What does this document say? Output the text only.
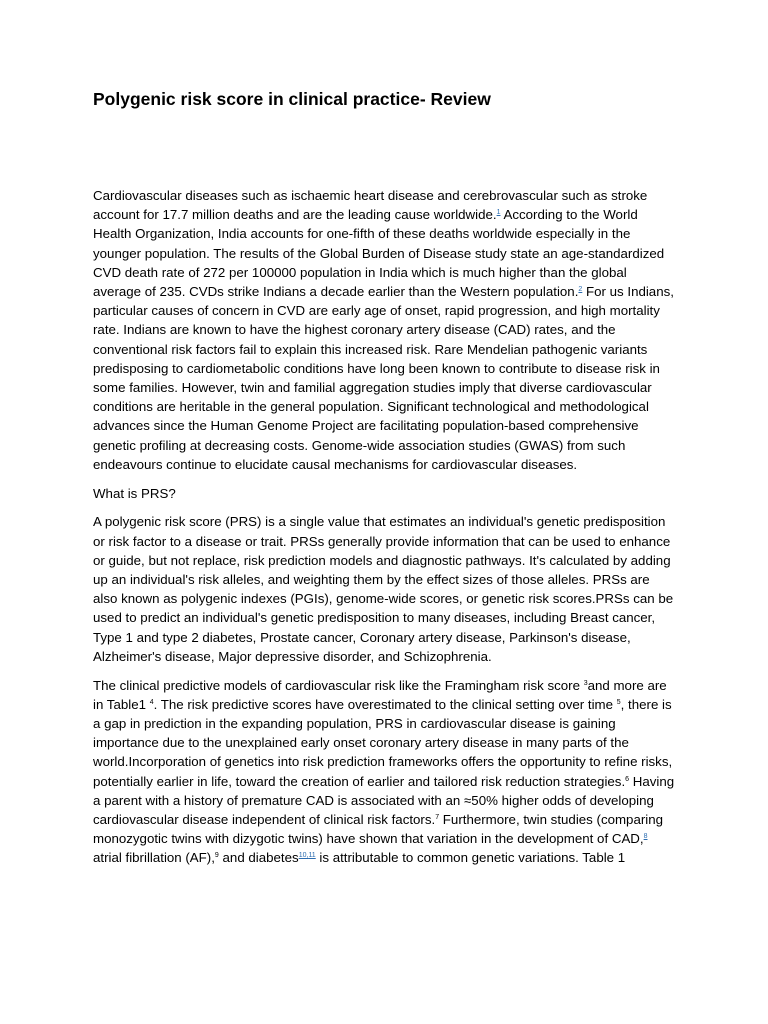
Polygenic risk score in clinical practice- Review

Cardiovascular diseases such as ischaemic heart disease and cerebrovascular such as stroke account for 17.7 million deaths and are the leading cause worldwide.$^1$ According to the World Health Organization, India accounts for one-fifth of these deaths worldwide especially in the younger population. The results of the Global Burden of Disease study state an age-standardized CVD death rate of 272 per 100000 population in India which is much higher than the global average of 235. CVDs strike Indians a decade earlier than the Western population.$^2$ For us Indians, particular causes of concern in CVD are early age of onset, rapid progression, and high mortality rate. Indians are known to have the highest coronary artery disease (CAD) rates, and the conventional risk factors fail to explain this increased risk. Rare Mendelian pathogenic variants predisposing to cardiometabolic conditions have long been known to contribute to disease risk in some families. However, twin and familial aggregation studies imply that diverse cardiovascular conditions are heritable in the general population. Significant technological and methodological advances since the Human Genome Project are facilitating population-based comprehensive genetic profiling at decreasing costs. Genome-wide association studies (GWAS) from such endeavours continue to elucidate causal mechanisms for cardiovascular diseases.

What is PRS?

A polygenic risk score (PRS) is a single value that estimates an individual's genetic predisposition or risk factor to a disease or trait. PRSs generally provide information that can be used to enhance or guide, but not replace, risk prediction models and diagnostic pathways. It's calculated by adding up an individual's risk alleles, and weighting them by the effect sizes of those alleles. PRSs are also known as polygenic indexes (PGIs), genome-wide scores, or genetic risk scores.PRSs can be used to predict an individual's genetic predisposition to many diseases, including Breast cancer, Type 1 and type 2 diabetes, Prostate cancer, Coronary artery disease, Parkinson's disease, Alzheimer's disease, Major depressive disorder, and Schizophrenia.

The clinical predictive models of cardiovascular risk like the Framingham risk score $^3$and more are in Table1 $^4$. The risk predictive scores have overestimated to the clinical setting over time $^5$, there is a gap in prediction in the expanding population, PRS in cardiovascular disease is gaining importance due to the unexplained early onset coronary artery disease in many parts of the world.Incorporation of genetics into risk prediction frameworks offers the opportunity to refine risks, potentially earlier in life, toward the creation of earlier and tailored risk reduction strategies.$^6$ Having a parent with a history of premature CAD is associated with an ≈50% higher odds of developing cardiovascular disease independent of clinical risk factors.$^7$ Furthermore, twin studies (comparing monozygotic twins with dizygotic twins) have shown that variation in the development of CAD,$^8$ atrial fibrillation (AF),$^9$ and diabetes$^{10,11}$ is attributable to common genetic variations. Table 1
